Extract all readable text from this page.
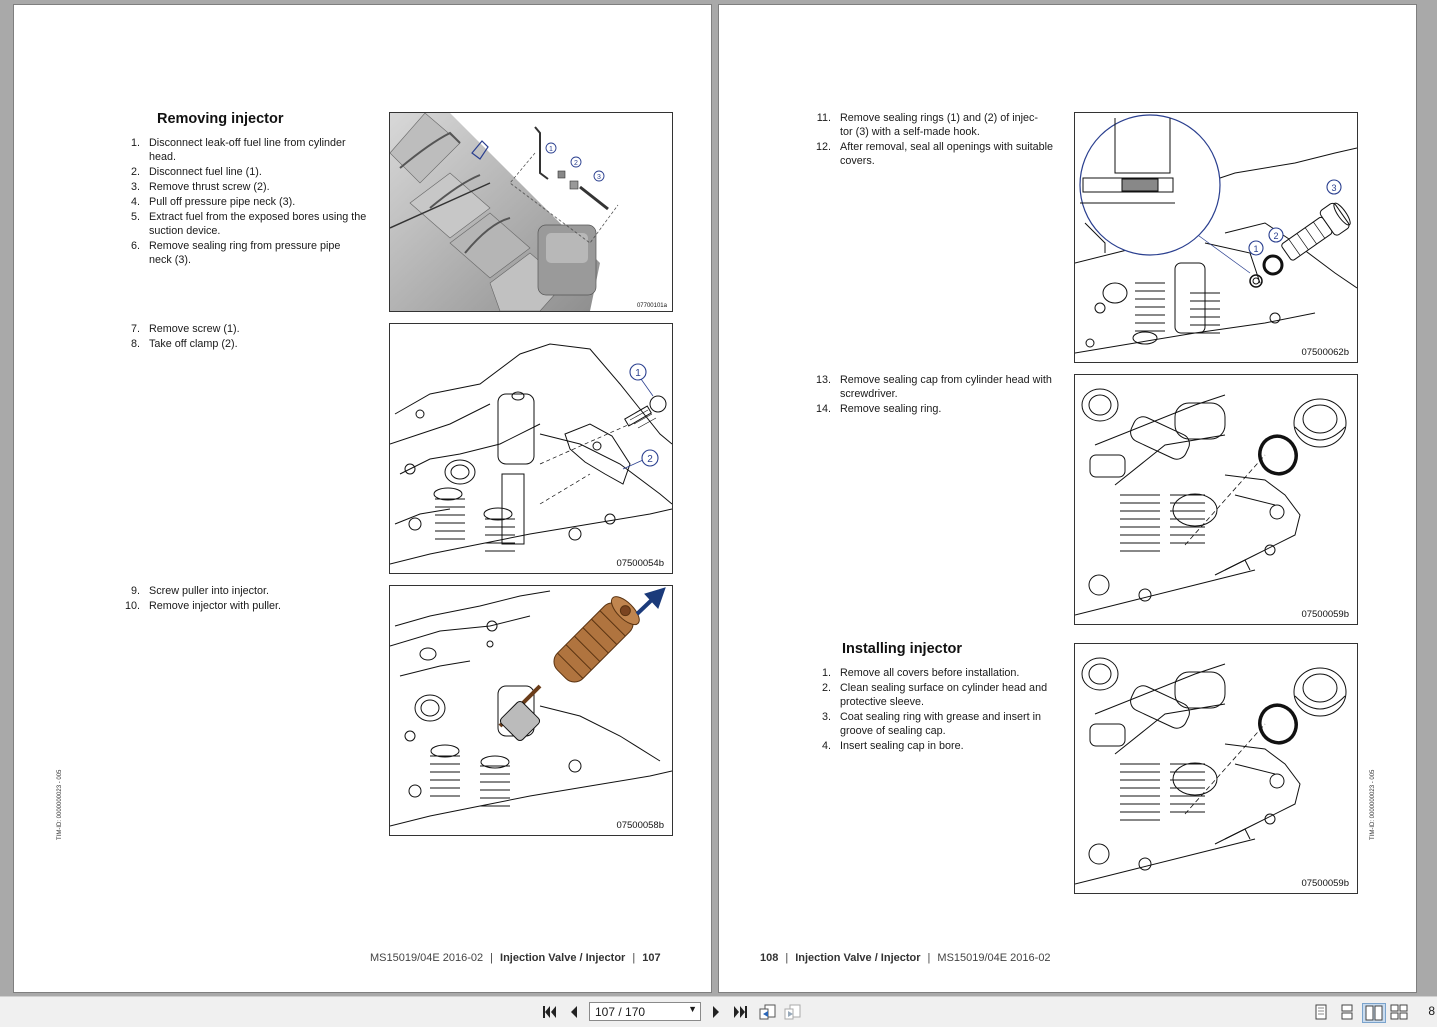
Removing injector
1. Disconnect leak-off fuel line from cylinder
head.
2. Disconnect fuel line (1).
3. Remove thrust screw (2).
4. Pull off pressure pipe neck (3).
5. Extract fuel from the exposed bores using the
suction device.
6. Remove sealing ring from pressure pipe
neck (3).
7. Remove screw (1).
8. Take off clamp (2).
9. Screw puller into injector.
10. Remove injector with puller.
1
2
3
07700101a
1
2
07500054b
07500058b
TIM-ID: 0000000023 - 005
MS15019/04E 2016-02 | Injection Valve / Injector | 107
11. Remove sealing rings (1) and (2) of injec-
tor (3) with a self-made hook.
12. After removal, seal all openings with suitable
covers.
13. Remove sealing cap from cylinder head with
screwdriver.
14. Remove sealing ring.
Installing injector
1. Remove all covers before installation.
2. Clean sealing surface on cylinder head and
protective sleeve.
3. Coat sealing ring with grease and insert in
groove of sealing cap.
4. Insert sealing cap in bore.
1
2
3
07500062b
07500059b
07500059b
TIM-ID: 0000000023 - 005
108 | Injection Valve / Injector | MS15019/04E 2016-02
107 / 170	▼	8
